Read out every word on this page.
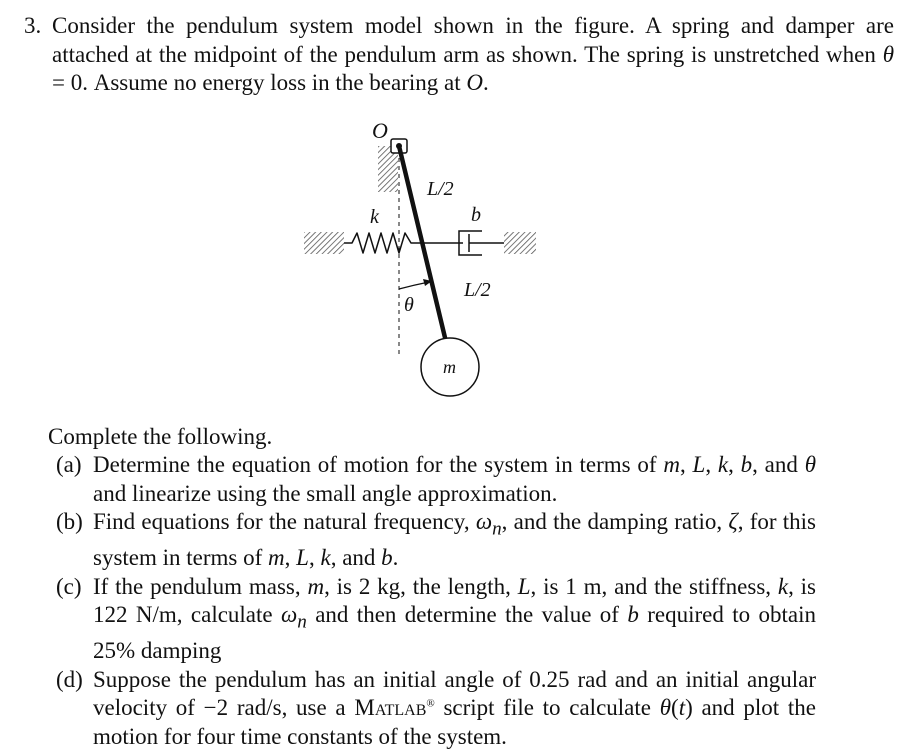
3. Consider the pendulum system model shown in the figure. A spring and damper are attached at the midpoint of the pendulum arm as shown. The spring is unstretched when θ = 0. Assume no energy loss in the bearing at O.
O
m
k	b
L/2
L/2
θ
Complete the following.
(a) Determine the equation of motion for the system in terms of m, L, k, b, and θ and linearize using the small angle approximation.
(b) Find equations for the natural frequency, $\omega_n$, and the damping ratio, ζ, for this system in terms of m, L, k, and b.
(c) If the pendulum mass, m, is 2 kg, the length, L, is 1 m, and the stiffness, k, is 122 N/m, calculate $\omega_n$ and then determine the value of b required to obtain 25% damping
(d) Suppose the pendulum has an initial angle of 0.25 rad and an initial angular velocity of −2 rad/s, use a Matlab® script file to calculate θ(t) and plot the motion for four time constants of the system.
